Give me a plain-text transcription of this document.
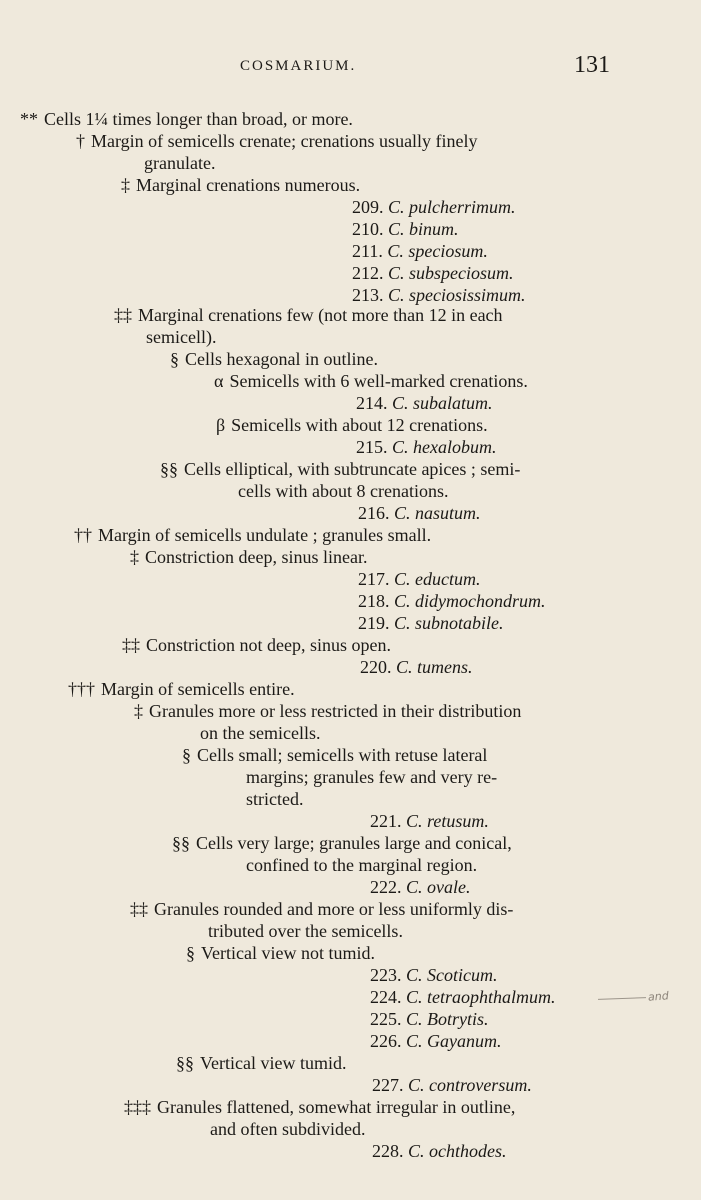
COSMARIUM.	131
** Cells 1¼ times longer than broad, or more.
† Margin of semicells crenate; crenations usually finely
granulate.
‡ Marginal crenations numerous.
209. C. pulcherrimum.
210. C. binum.
211. C. speciosum.
212. C. subspeciosum.
213. C. speciosissimum.
‡‡ Marginal crenations few (not more than 12 in each
semicell).
§ Cells hexagonal in outline.
α Semicells with 6 well-marked crenations.
214. C. subalatum.
β Semicells with about 12 crenations.
215. C. hexalobum.
§§ Cells elliptical, with subtruncate apices ; semi-
cells with about 8 crenations.
216. C. nasutum.
†† Margin of semicells undulate ; granules small.
‡ Constriction deep, sinus linear.
217. C. eductum.
218. C. didymochondrum.
219. C. subnotabile.
‡‡ Constriction not deep, sinus open.
220. C. tumens.
††† Margin of semicells entire.
‡ Granules more or less restricted in their distribution
on the semicells.
§ Cells small; semicells with retuse lateral
margins; granules few and very re-
stricted.
221. C. retusum.
§§ Cells very large; granules large and conical,
confined to the marginal region.
222. C. ovale.
‡‡ Granules rounded and more or less uniformly dis-
tributed over the semicells.
§ Vertical view not tumid.
223. C. Scoticum.
224. C. tetraophthalmum.
225. C. Botrytis.
226. C. Gayanum.
§§ Vertical view tumid.
227. C. controversum.
‡‡‡ Granules flattened, somewhat irregular in outline,
and often subdivided.
228. C. ochthodes.
and
